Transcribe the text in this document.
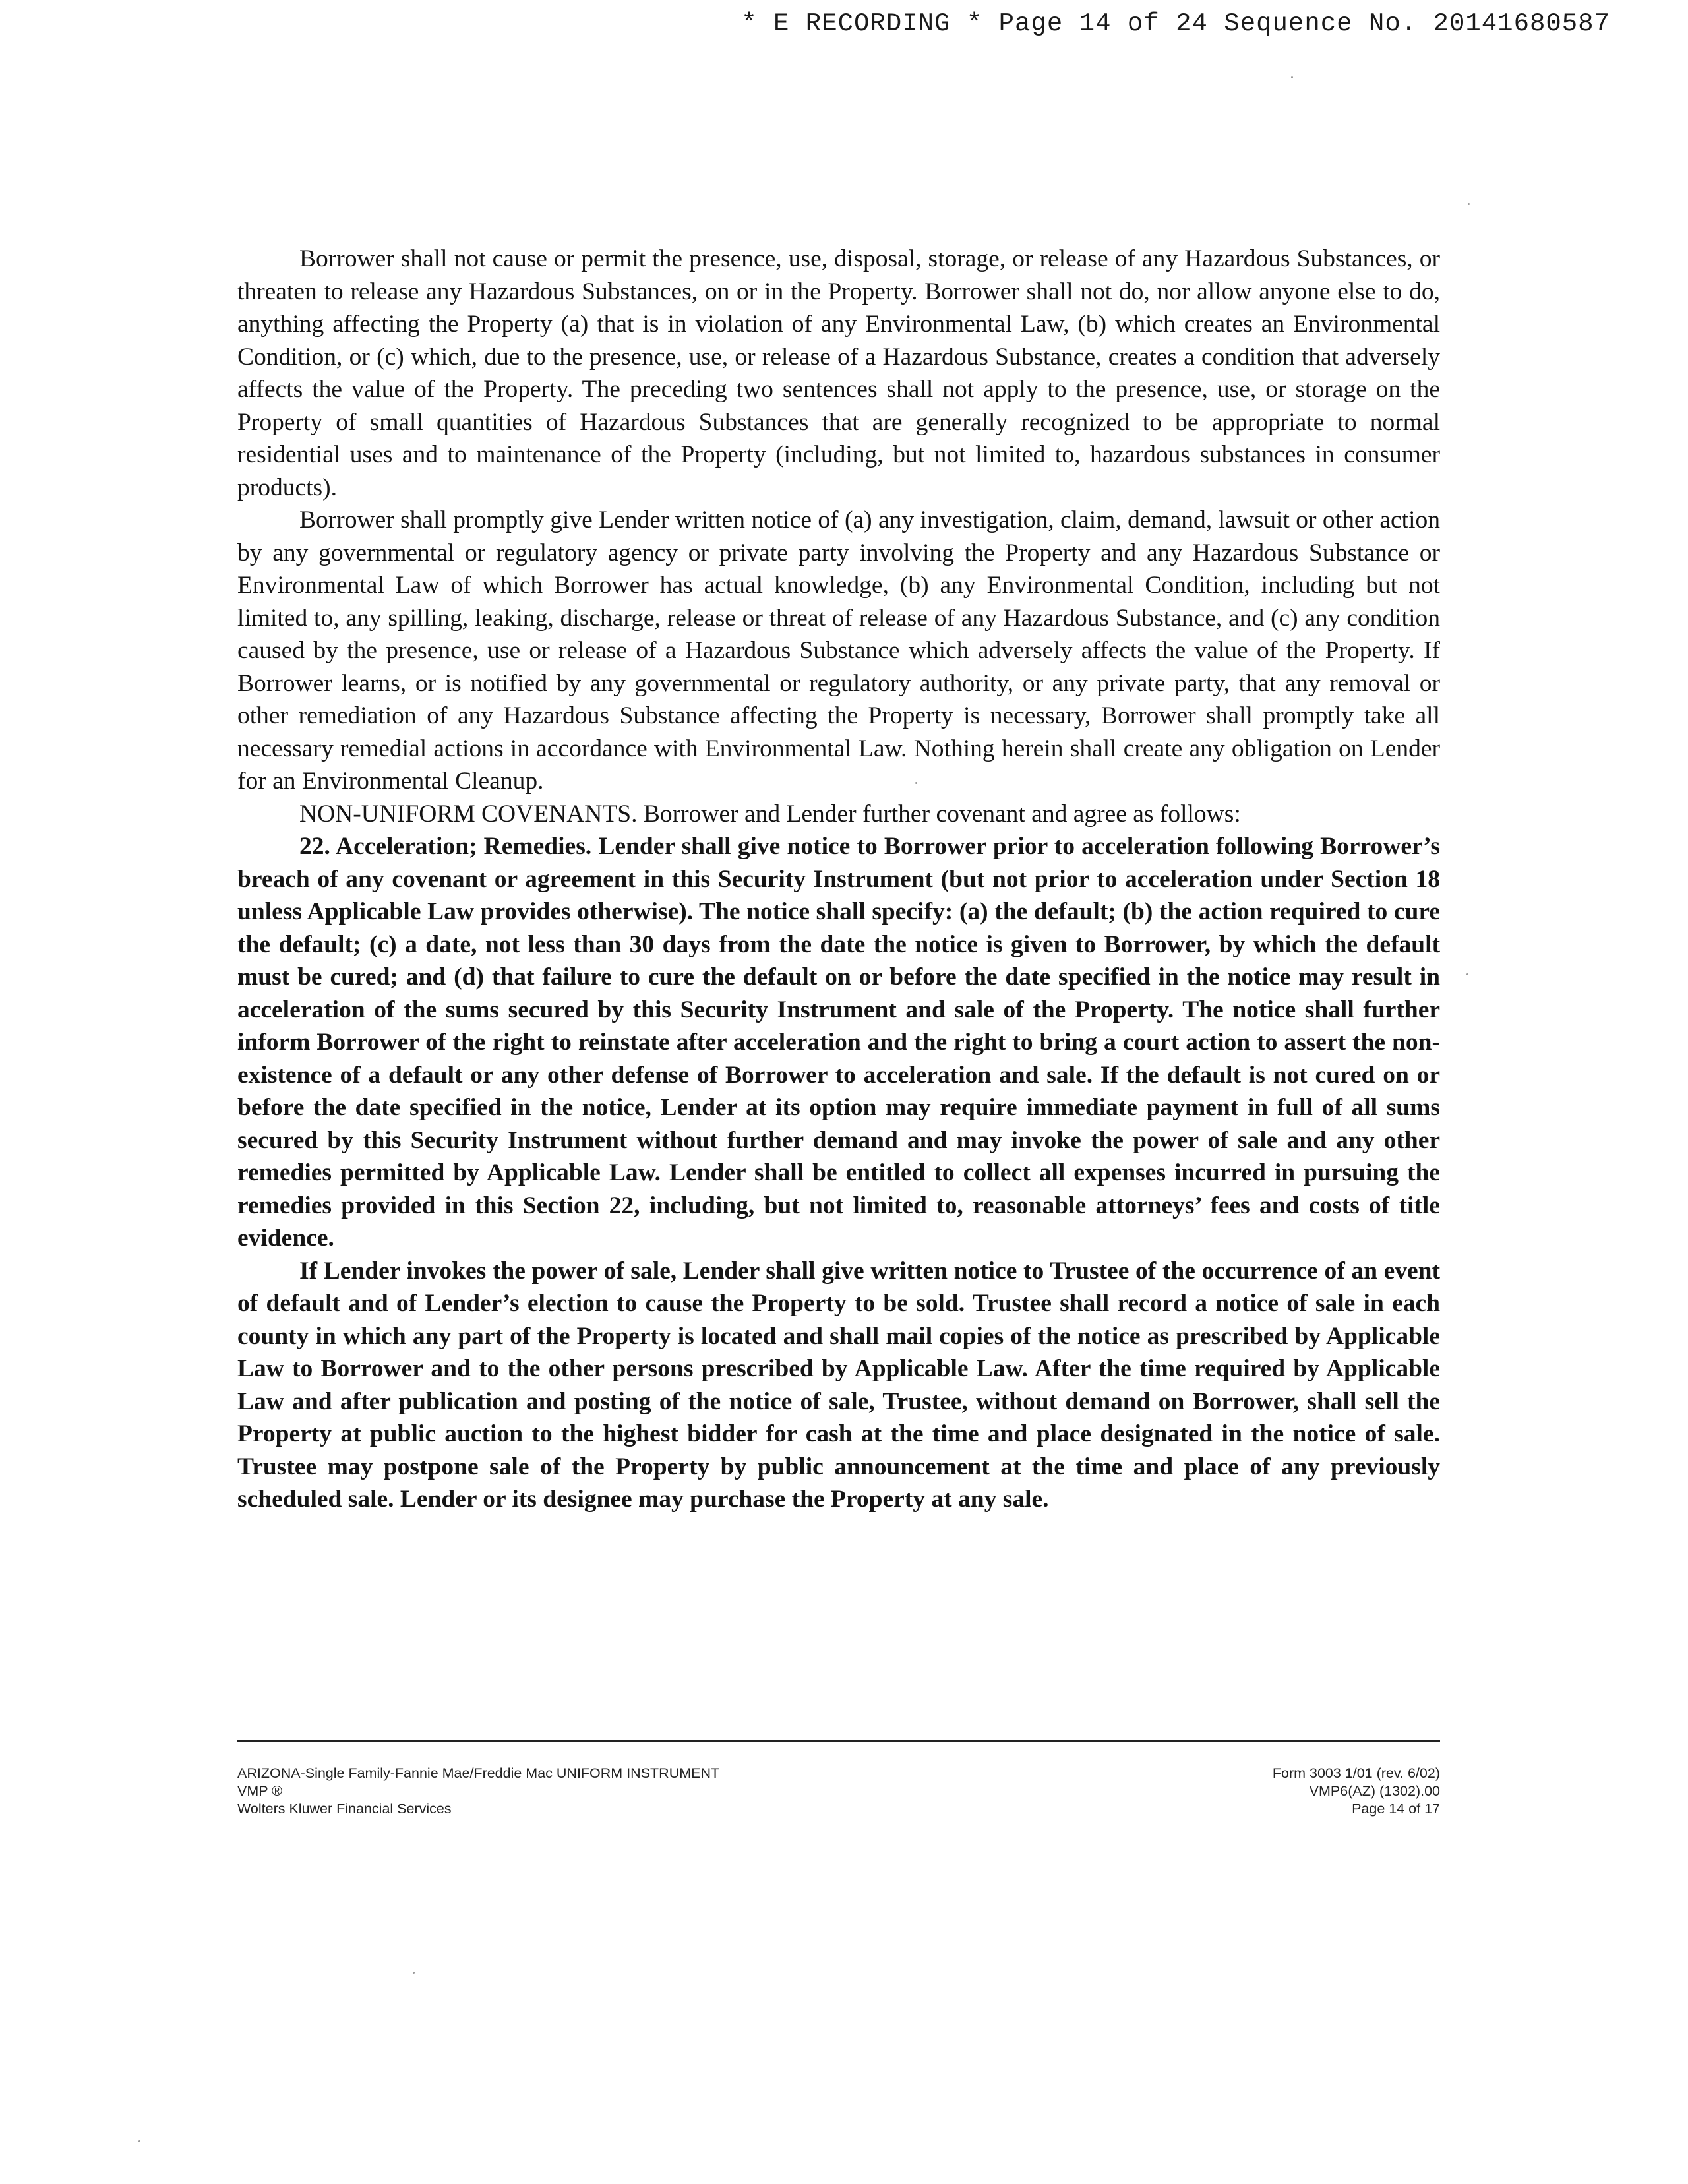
* E RECORDING * Page 14 of 24 Sequence No. 20141680587

Borrower shall not cause or permit the presence, use, disposal, storage, or release of any Hazardous Substances, or threaten to release any Hazardous Substances, on or in the Property. Borrower shall not do, nor allow anyone else to do, anything affecting the Property (a) that is in violation of any Environmental Law, (b) which creates an Environmental Condition, or (c) which, due to the presence, use, or release of a Hazardous Substance, creates a condition that adversely affects the value of the Property. The preceding two sentences shall not apply to the presence, use, or storage on the Property of small quantities of Hazardous Substances that are generally recognized to be appropriate to normal residential uses and to maintenance of the Property (including, but not limited to, hazardous substances in consumer products).

Borrower shall promptly give Lender written notice of (a) any investigation, claim, demand, lawsuit or other action by any governmental or regulatory agency or private party involving the Property and any Hazardous Substance or Environmental Law of which Borrower has actual knowledge, (b) any Environmental Condition, including but not limited to, any spilling, leaking, discharge, release or threat of release of any Hazardous Substance, and (c) any condition caused by the presence, use or release of a Hazardous Substance which adversely affects the value of the Property. If Borrower learns, or is notified by any governmental or regulatory authority, or any private party, that any removal or other remediation of any Hazardous Substance affecting the Property is necessary, Borrower shall promptly take all necessary remedial actions in accordance with Environmental Law. Nothing herein shall create any obligation on Lender for an Environmental Cleanup.

NON-UNIFORM COVENANTS. Borrower and Lender further covenant and agree as follows:

22. Acceleration; Remedies. Lender shall give notice to Borrower prior to acceleration following Borrower’s breach of any covenant or agreement in this Security Instrument (but not prior to acceleration under Section 18 unless Applicable Law provides otherwise). The notice shall specify: (a) the default; (b) the action required to cure the default; (c) a date, not less than 30 days from the date the notice is given to Borrower, by which the default must be cured; and (d) that failure to cure the default on or before the date specified in the notice may result in acceleration of the sums secured by this Security Instrument and sale of the Property. The notice shall further inform Borrower of the right to reinstate after acceleration and the right to bring a court action to assert the non-existence of a default or any other defense of Borrower to acceleration and sale. If the default is not cured on or before the date specified in the notice, Lender at its option may require immediate payment in full of all sums secured by this Security Instrument without further demand and may invoke the power of sale and any other remedies permitted by Applicable Law. Lender shall be entitled to collect all expenses incurred in pursuing the remedies provided in this Section 22, including, but not limited to, reasonable attorneys’ fees and costs of title evidence.

If Lender invokes the power of sale, Lender shall give written notice to Trustee of the occurrence of an event of default and of Lender’s election to cause the Property to be sold. Trustee shall record a notice of sale in each county in which any part of the Property is located and shall mail copies of the notice as prescribed by Applicable Law to Borrower and to the other persons prescribed by Applicable Law. After the time required by Applicable Law and after publication and posting of the notice of sale, Trustee, without demand on Borrower, shall sell the Property at public auction to the highest bidder for cash at the time and place designated in the notice of sale. Trustee may postpone sale of the Property by public announcement at the time and place of any previously scheduled sale. Lender or its designee may purchase the Property at any sale.

ARIZONA-Single Family-Fannie Mae/Freddie Mac UNIFORM INSTRUMENT
VMP ®
Wolters Kluwer Financial Services
Form 3003 1/01 (rev. 6/02)
VMP6(AZ) (1302).00
Page 14 of 17
